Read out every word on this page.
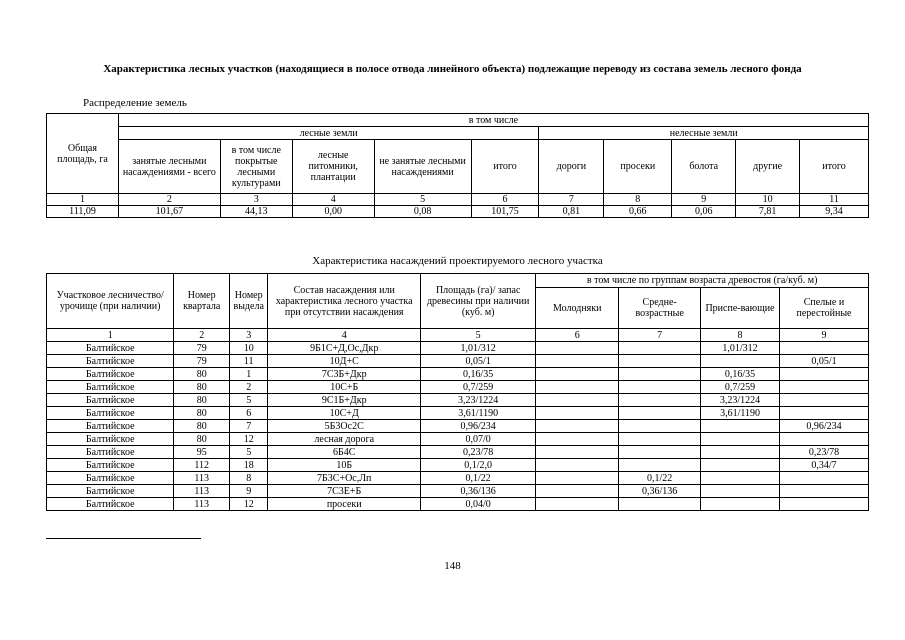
Характеристика лесных участков (находящиеся в полосе отвода линейного объекта) подлежащие переводу из состава земель лесного фонда
Распределение земель
Общая площадь, га	в том числе									
	лесные земли					нелесные земли				
	занятые лесными насаждениями - всего	в том числе покрытые лесными культурами	лесные питомники, плантации	не занятые лесными насаждениями	итого	дороги	просеки	болота	другие	итого
1	2	3	4	5	6	7	8	9	10	11
111,09	101,67	44,13	0,00	0,08	101,75	0,81	0,66	0,06	7,81	9,34
Характеристика насаждений проектируемого лесного участка
Участковое лесничество/урочище (при наличии)	Номер квартала	Номер выдела	Состав насаждения или характеристика лесного участка при отсутствии насаждения	Площадь (га)/ запас древесины при наличии (куб. м)	в том числе по группам возраста древостоя (га/куб. м)			
					Молодняки	Средне-возрастные	Приспе-вающие	Спелые и перестойные
1	2	3	4	5	6	7	8	9
Балтийское	79	10	9Б1С+Д,Ос,Дкр	1,01/312			1,01/312	
Балтийское	79	11	10Д+С	0,05/1				0,05/1
Балтийское	80	1	7С3Б+Дкр	0,16/35			0,16/35	
Балтийское	80	2	10С+Б	0,7/259			0,7/259	
Балтийское	80	5	9С1Б+Дкр	3,23/1224			3,23/1224	
Балтийское	80	6	10С+Д	3,61/1190			3,61/1190	
Балтийское	80	7	5Б3Ос2С	0,96/234				0,96/234
Балтийское	80	12	лесная дорога	0,07/0				
Балтийское	95	5	6Б4С	0,23/78				0,23/78
Балтийское	112	18	10Б	0,1/2,0				0,34/7
Балтийское	113	8	7Б3С+Ос,Лп	0,1/22		0,1/22		
Балтийское	113	9	7С3Е+Б	0,36/136		0,36/136		
Балтийское	113	12	просеки	0,04/0				
148
